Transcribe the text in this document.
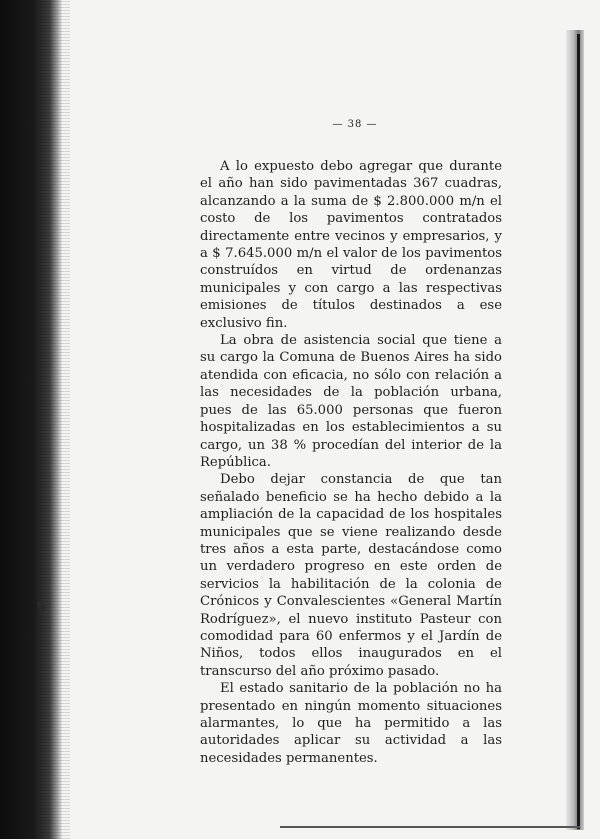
— 38 —

A lo expuesto debo agregar que durante el año han sido pavimentadas 367 cuadras, alcanzando a la suma de $ 2.800.000 m/n el costo de los pavimentos contratados directamente entre vecinos y empresarios, y a $ 7.645.000 m/n el valor de los pavimentos construídos en virtud de ordenanzas municipales y con cargo a las respectivas emisiones de títulos destinados a ese exclusivo fin.

La obra de asistencia social que tiene a su cargo la Comuna de Buenos Aires ha sido atendida con eficacia, no sólo con relación a las necesidades de la población urbana, pues de las 65.000 personas que fueron hospitalizadas en los establecimientos a su cargo, un 38 % procedían del interior de la República.

Debo dejar constancia de que tan señalado beneficio se ha hecho debido a la ampliación de la capacidad de los hospitales municipales que se viene realizando desde tres años a esta parte, destacándose como un verdadero progreso en este orden de servicios la habilitación de la colonia de Crónicos y Convalescientes «General Martín Rodríguez», el nuevo instituto Pasteur con comodidad para 60 enfermos y el Jardín de Niños, todos ellos inaugurados en el transcurso del año próximo pasado.

El estado sanitario de la población no ha presentado en ningún momento situaciones alarmantes, lo que ha permitido a las autoridades aplicar su actividad a las necesidades permanentes.
